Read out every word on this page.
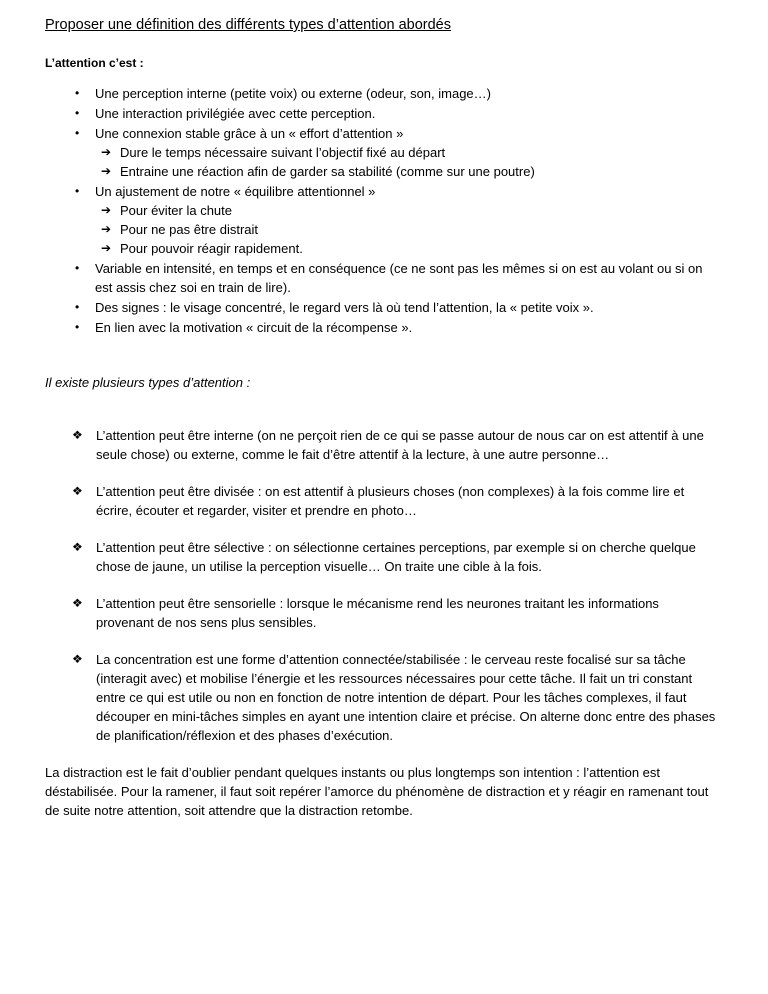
Proposer une définition des différents types d’attention abordés

L’attention c’est :

•	Une perception interne (petite voix) ou externe (odeur, son, image…)
•	Une interaction privilégiée avec cette perception.
•	Une connexion stable grâce à un « effort d’attention »
➔ Dure le temps nécessaire suivant l’objectif fixé au départ
➔ Entraine une réaction afin de garder sa stabilité (comme sur une poutre)
•	Un ajustement de notre « équilibre attentionnel »
➔ Pour éviter la chute
➔ Pour ne pas être distrait
➔ Pour pouvoir réagir rapidement.
•	Variable en intensité, en temps et en conséquence (ce ne sont pas les mêmes si on est au volant ou si on est assis chez soi en train de lire).
•	Des signes : le visage concentré, le regard vers là où tend l’attention, la « petite voix ».
•	En lien avec la motivation « circuit de la récompense ».

Il existe plusieurs types d’attention :

❖	L’attention peut être interne (on ne perçoit rien de ce qui se passe autour de nous car on est attentif à une seule chose) ou externe, comme le fait d’être attentif à la lecture, à une autre personne…
❖	L’attention peut être divisée : on est attentif à plusieurs choses (non complexes) à la fois comme lire et écrire, écouter et regarder, visiter et prendre en photo…
❖	L’attention peut être sélective : on sélectionne certaines perceptions, par exemple si on cherche quelque chose de jaune, un utilise la perception visuelle… On traite une cible à la fois.
❖	L’attention peut être sensorielle : lorsque le mécanisme rend les neurones traitant les informations provenant de nos sens plus sensibles.
❖	La concentration est une forme d’attention connectée/stabilisée : le cerveau reste focalisé sur sa tâche (interagit avec) et mobilise l’énergie et les ressources nécessaires pour cette tâche. Il fait un tri constant entre ce qui est utile ou non en fonction de notre intention de départ. Pour les tâches complexes, il faut découper en mini-tâches simples en ayant une intention claire et précise. On alterne donc entre des phases de planification/réflexion et des phases d’exécution.

La distraction est le fait d’oublier pendant quelques instants ou plus longtemps son intention : l’attention est déstabilisée. Pour la ramener, il faut soit repérer l’amorce du phénomène de distraction et y réagir en ramenant tout de suite notre attention, soit attendre que la distraction retombe.
